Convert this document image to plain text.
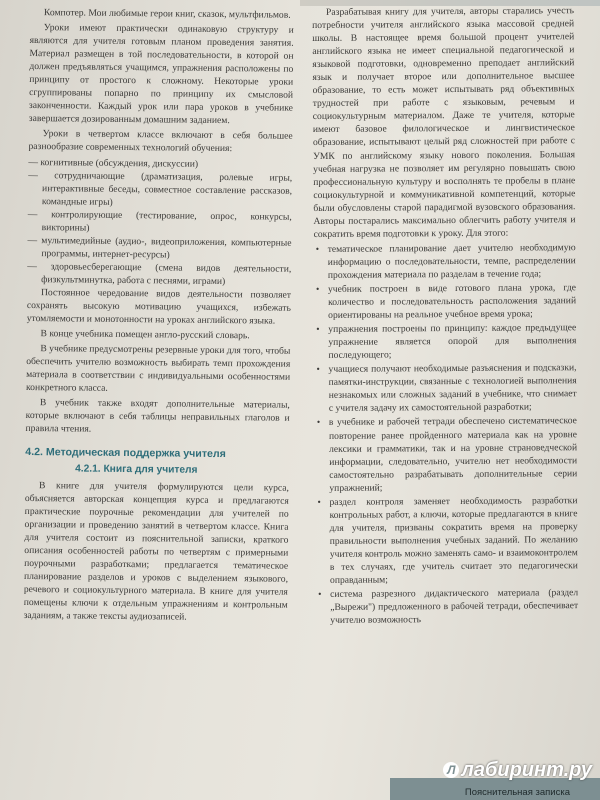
Компотер. Мои любимые герои книг, сказок, мультфильмов.

Уроки имеют практически одинаковую структуру и являются для учителя готовым планом проведения занятия. Материал размещен в той последовательности, в которой он должен предъявляться учащимся, упражнения расположены по принципу от простого к сложному. Некоторые уроки сгруппированы попарно по принципу их смысловой законченности. Каждый урок или пара уроков в учебнике завершается дозированным домашним заданием.

Уроки в четвертом классе включают в себя большее разнообразие современных технологий обучения:

— когнитивные (обсуждения, дискуссии)
— сотрудничающие (драматизация, ролевые игры, интерактивные беседы, совместное составление рассказов, командные игры)
— контролирующие (тестирование, опрос, конкурсы, викторины)
— мультимедийные (аудио-, видеоприложения, компьютерные программы, интернет-ресурсы)
— здоровьесберегающие (смена видов деятельности, физкультминутка, работа с песнями, играми)

Постоянное чередование видов деятельности позволяет сохранять высокую мотивацию учащихся, избежать утомляемости и монотонности на уроках английского языка.

В конце учебника помещен англо-русский словарь.

В учебнике предусмотрены резервные уроки для того, чтобы обеспечить учителю возможность выбирать темп прохождения материала в соответствии с индивидуальными особенностями конкретного класса.

В учебник также входят дополнительные материалы, которые включают в себя таблицы неправильных глаголов и правила чтения.

4.2. Методическая поддержка учителя
4.2.1. Книга для учителя

В книге для учителя формулируются цели курса, объясняется авторская концепция курса и предлагаются практические поурочные рекомендации для учителей по организации и проведению занятий в четвертом классе. Книга для учителя состоит из пояснительной записки, краткого описания особенностей работы по четвертям с примерными поурочными разработками; предлагается тематическое планирование разделов и уроков с выделением языкового, речевого и социокультурного материала. В книге для учителя помещены ключи к отдельным упражнениям и контрольным заданиям, а также тексты аудиозаписей.

Разрабатывая книгу для учителя, авторы старались учесть потребности учителя английского языка массовой средней школы. В настоящее время большой процент учителей английского языка не имеет специальной педагогической и языковой подготовки, одновременно преподает английский язык и получает второе или дополнительное высшее образование, то есть может испытывать ряд объективных трудностей при работе с языковым, речевым и социокультурным материалом. Даже те учителя, которые имеют базовое филологическое и лингвистическое образование, испытывают целый ряд сложностей при работе с УМК по английскому языку нового поколения. Большая учебная нагрузка не позволяет им регулярно повышать свою профессиональную культуру и восполнять те пробелы в плане социокультурной и коммуникативной компетенций, которые были обусловлены старой парадигмой вузовского образования. Авторы постарались максимально облегчить работу учителя и сократить время подготовки к уроку. Для этого:

• тематическое планирование дает учителю необходимую информацию о последовательности, темпе, распределении прохождения материала по разделам в течение года;
• учебник построен в виде готового плана урока, где количество и последовательность расположения заданий ориентированы на реальное учебное время урока;
• упражнения построены по принципу: каждое предыдущее упражнение является опорой для выполнения последующего;
• учащиеся получают необходимые разъяснения и подсказки, памятки-инструкции, связанные с технологией выполнения незнакомых или сложных заданий в учебнике, что снимает с учителя задачу их самостоятельной разработки;
• в учебнике и рабочей тетради обеспечено систематическое повторение ранее пройденного материала как на уровне лексики и грамматики, так и на уровне страноведческой информации, следовательно, учителю нет необходимости самостоятельно разрабатывать дополнительные серии упражнений;
• раздел контроля заменяет необходимость разработки контрольных работ, а ключи, которые предлагаются в книге для учителя, призваны сократить время на проверку правильности выполнения учебных заданий. По желанию учителя контроль можно заменять само- и взаимоконтролем в тех случаях, где учитель считает это педагогически оправданным;
• система разрезного дидактического материала (раздел „Вырежи") предложенного в рабочей тетради, обеспечивает учителю возможность
Л лабиринт.ру
Пояснительная записка
